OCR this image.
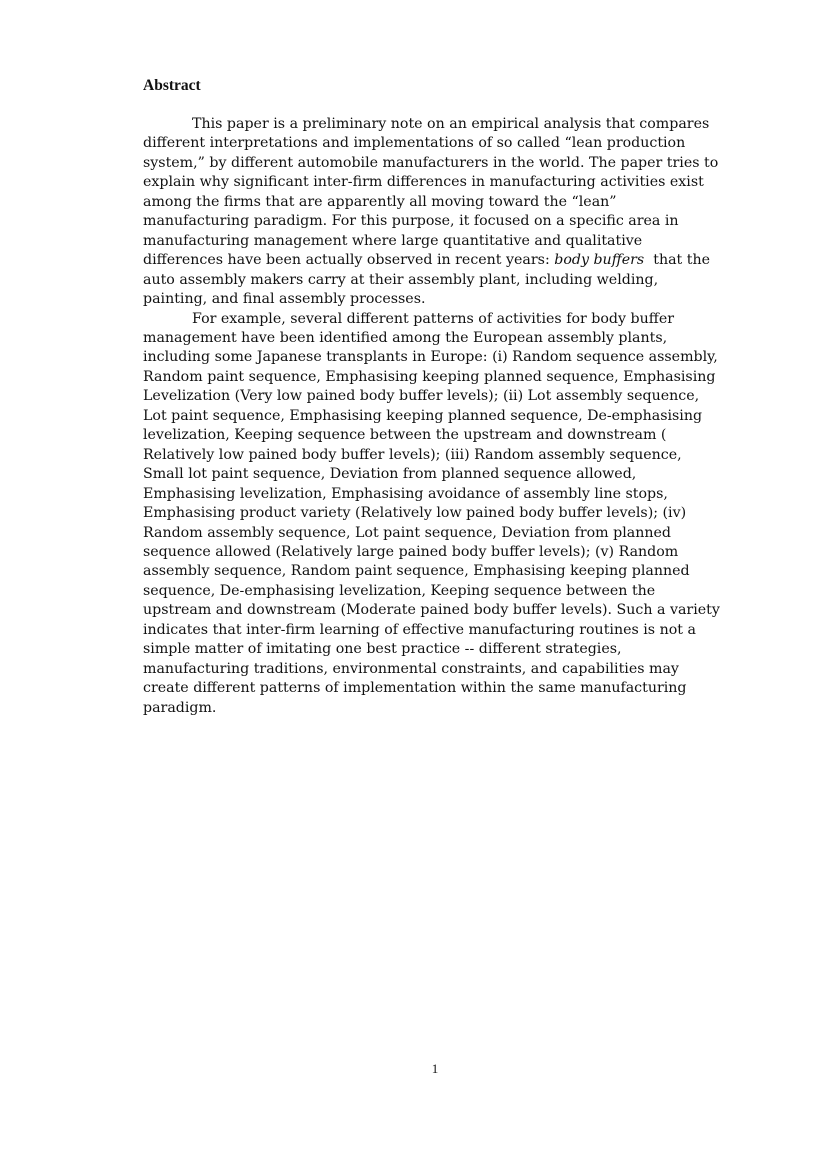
Abstract

This paper is a preliminary note on an empirical analysis that compares different interpretations and implementations of so called “lean production system,” by different automobile manufacturers in the world. The paper tries to explain why significant inter-firm differences in manufacturing activities exist among the firms that are apparently all moving toward the “lean” manufacturing paradigm. For this purpose, it focused on a specific area in manufacturing management where large quantitative and qualitative differences have been actually observed in recent years: body buffers  that the auto assembly makers carry at their assembly plant, including welding, painting, and final assembly processes.

For example, several different patterns of activities for body buffer management have been identified among the European assembly plants, including some Japanese transplants in Europe: (i) Random sequence assembly, Random paint sequence, Emphasising keeping planned sequence, Emphasising Levelization (Very low pained body buffer levels); (ii) Lot assembly sequence, Lot paint sequence, Emphasising keeping planned sequence, De-emphasising levelization, Keeping sequence between the upstream and downstream ( Relatively low pained body buffer levels); (iii) Random assembly sequence, Small lot paint sequence, Deviation from planned sequence allowed, Emphasising levelization, Emphasising avoidance of assembly line stops, Emphasising product variety (Relatively low pained body buffer levels); (iv) Random assembly sequence, Lot paint sequence, Deviation from planned sequence allowed (Relatively large pained body buffer levels); (v) Random assembly sequence, Random paint sequence, Emphasising keeping planned sequence, De-emphasising levelization, Keeping sequence between the upstream and downstream (Moderate pained body buffer levels). Such a variety indicates that inter-firm learning of effective manufacturing routines is not a simple matter of imitating one best practice -- different strategies, manufacturing traditions, environmental constraints, and capabilities may create different patterns of implementation within the same manufacturing paradigm.

1
